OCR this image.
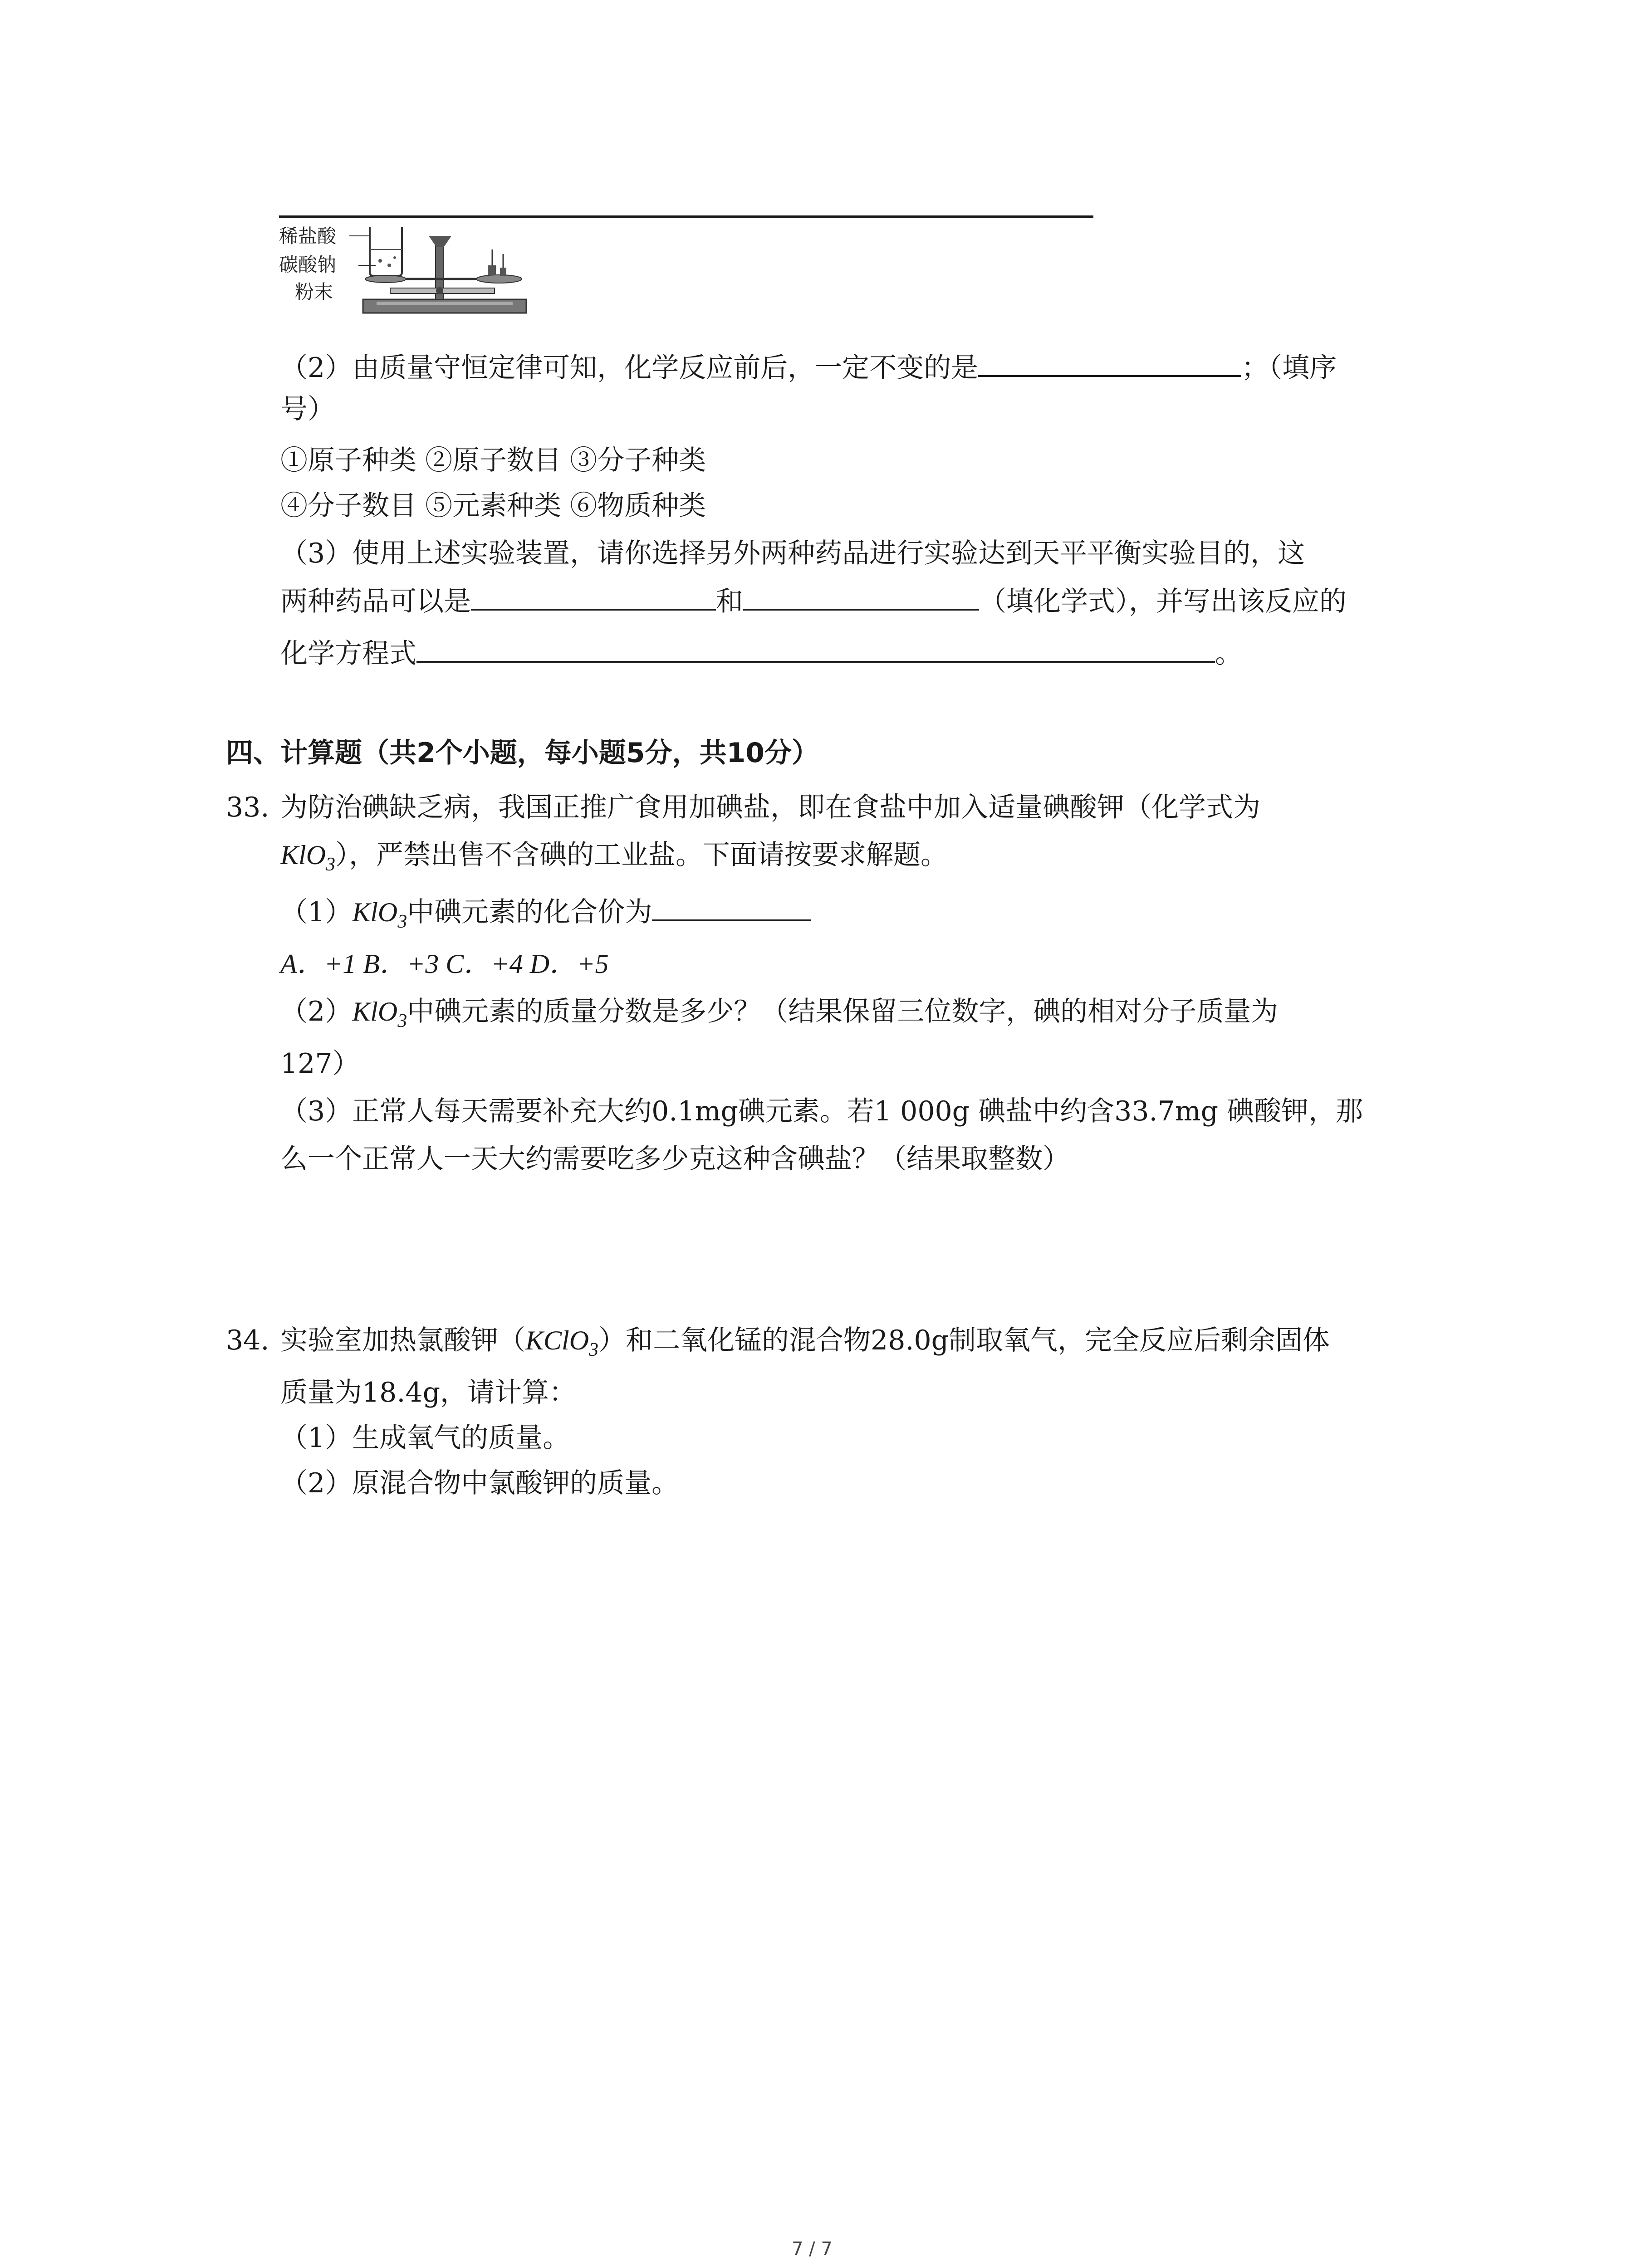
稀盐酸
碳酸钠
粉末
（2）由质量守恒定律可知，化学反应前后，一定不变的是	；（填序
号）
①原子种类 ②原子数目 ③分子种类
④分子数目 ⑤元素种类 ⑥物质种类
（3）使用上述实验装置，请你选择另外两种药品进行实验达到天平平衡实验目的，这
两种药品可以是	和	（填化学式），并写出该反应的
化学方程式	。
四、计算题（共2个小题，每小题5分，共10分）
33. 为防治碘缺乏病，我国正推广食用加碘盐，即在食盐中加入适量碘酸钾（化学式为
KlO$_3$），严禁出售不含碘的工业盐。下面请按要求解题。
（1）KlO$_3$中碘元素的化合价为
A．+1 B．+3 C．+4 D．+5
（2）KlO$_3$中碘元素的质量分数是多少？（结果保留三位数字，碘的相对分子质量为
127）
（3）正常人每天需要补充大约0.1mg碘元素。若1 000g 碘盐中约含33.7mg 碘酸钾，那
么一个正常人一天大约需要吃多少克这种含碘盐？（结果取整数）
34. 实验室加热氯酸钾（KClO$_3$）和二氧化锰的混合物28.0g制取氧气，完全反应后剩余固体
质量为18.4g，请计算：
（1）生成氧气的质量。
（2）原混合物中氯酸钾的质量。
7 / 7
